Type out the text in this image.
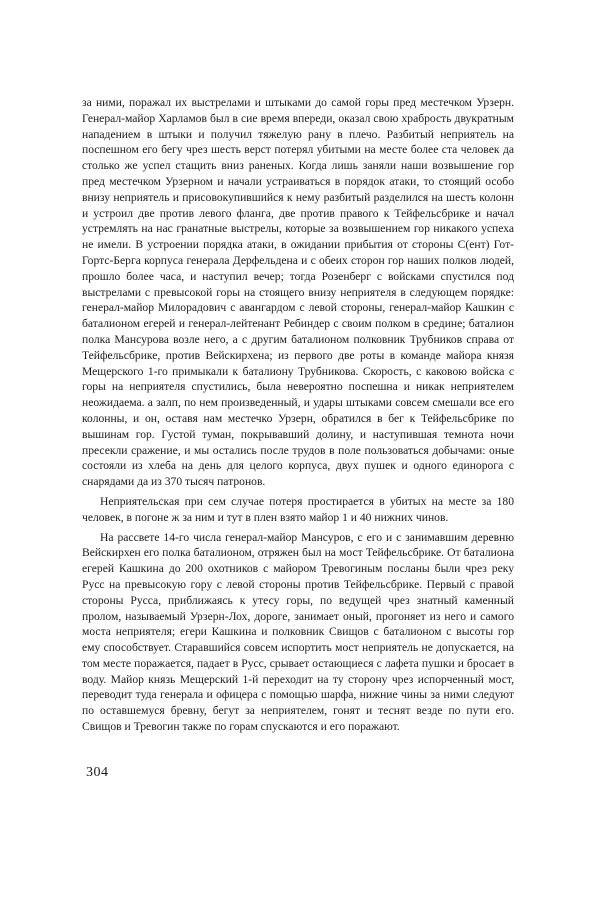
за ними, поражал их выстрелами и штыками до самой горы пред местечком Урзерн. Генерал-майор Харламов был в сие время впереди, оказал свою храбрость двукратным нападением в штыки и получил тяжелую рану в плечо. Разбитый неприятель на поспешном его бегу чрез шесть верст потерял убитыми на месте более ста человек да столько же успел стащить вниз раненых. Когда лишь заняли наши возвышение гор пред местечком Урзерном и начали устраиваться в порядок атаки, то стоящий особо внизу неприятель и присовокупившийся к нему разбитый разделился на шесть колонн и устроил две против левого фланга, две против правого к Тейфельсбрике и начал устремлять на нас гранатные выстрелы, которые за возвышением гор никакого успеха не имели. В устроении порядка атаки, в ожидании прибытия от стороны С(ент) Гот-Гортс-Берга корпуса генерала Дерфельдена и с обеих сторон гор наших полков людей, прошло более часа, и наступил вечер; тогда Розенберг с войсками спустился под выстрелами с превысокой горы на стоящего внизу неприятеля в следующем порядке: генерал-майор Милорадович с авангардом с левой стороны, генерал-майор Кашкин с баталионом егерей и генерал-лейтенант Ребиндер с своим полком в средине; баталион полка Мансурова возле него, а с другим баталионом полковник Трубников справа от Тейфельсбрике, против Вейскирхена; из первого две роты в команде майора князя Мещерского 1-го примыкали к баталиону Трубникова. Скорость, с каковою войска с горы на неприятеля спустились, была невероятно поспешна и никак неприятелем неожидаема. а залп, по нем произведенный, и удары штыками совсем смешали все его колонны, и он, оставя нам местечко Урзерн, обратился в бег к Тейфельсбрике по вышинам гор. Густой туман, покрывавший долину, и наступившая темнота ночи пресекли сражение, и мы остались после трудов в поле пользоваться добычами: оные состояли из хлеба на день для целого корпуса, двух пушек и одного единорога с снарядами да из 370 тысяч патронов.

Неприятельская при сем случае потеря простирается в убитых на месте за 180 человек, в погоне ж за ним и тут в плен взято майор 1 и 40 нижних чинов.

На рассвете 14-го числа генерал-майор Мансуров, с его и с занимавшим деревню Вейскирхен его полка баталионом, отряжен был на мост Тейфельсбрике. От баталиона егерей Кашкина до 200 охотников с майором Тревогиным посланы были чрез реку Русс на превысокую гору с левой стороны против Тейфельсбрике. Первый с правой стороны Русса, приближаясь к утесу горы, по ведущей чрез знатный каменный пролом, называемый Урзерн-Лох, дороге, занимает оный, прогоняет из него и самого моста неприятеля; егери Кашкина и полковник Свищов с баталионом с высоты гор ему способствует. Старавшийся совсем испортить мост неприятель не допускается, на том месте поражается, падает в Русс, срывает остающиеся с лафета пушки и бросает в воду. Майор князь Мещерский 1-й переходит на ту сторону чрез испорченный мост, переводит туда генерала и офицера с помощью шарфа, нижние чины за ними следуют по оставшемуся бревну, бегут за неприятелем, гонят и теснят везде по пути его. Свищов и Тревогин также по горам спускаются и его поражают.

304
